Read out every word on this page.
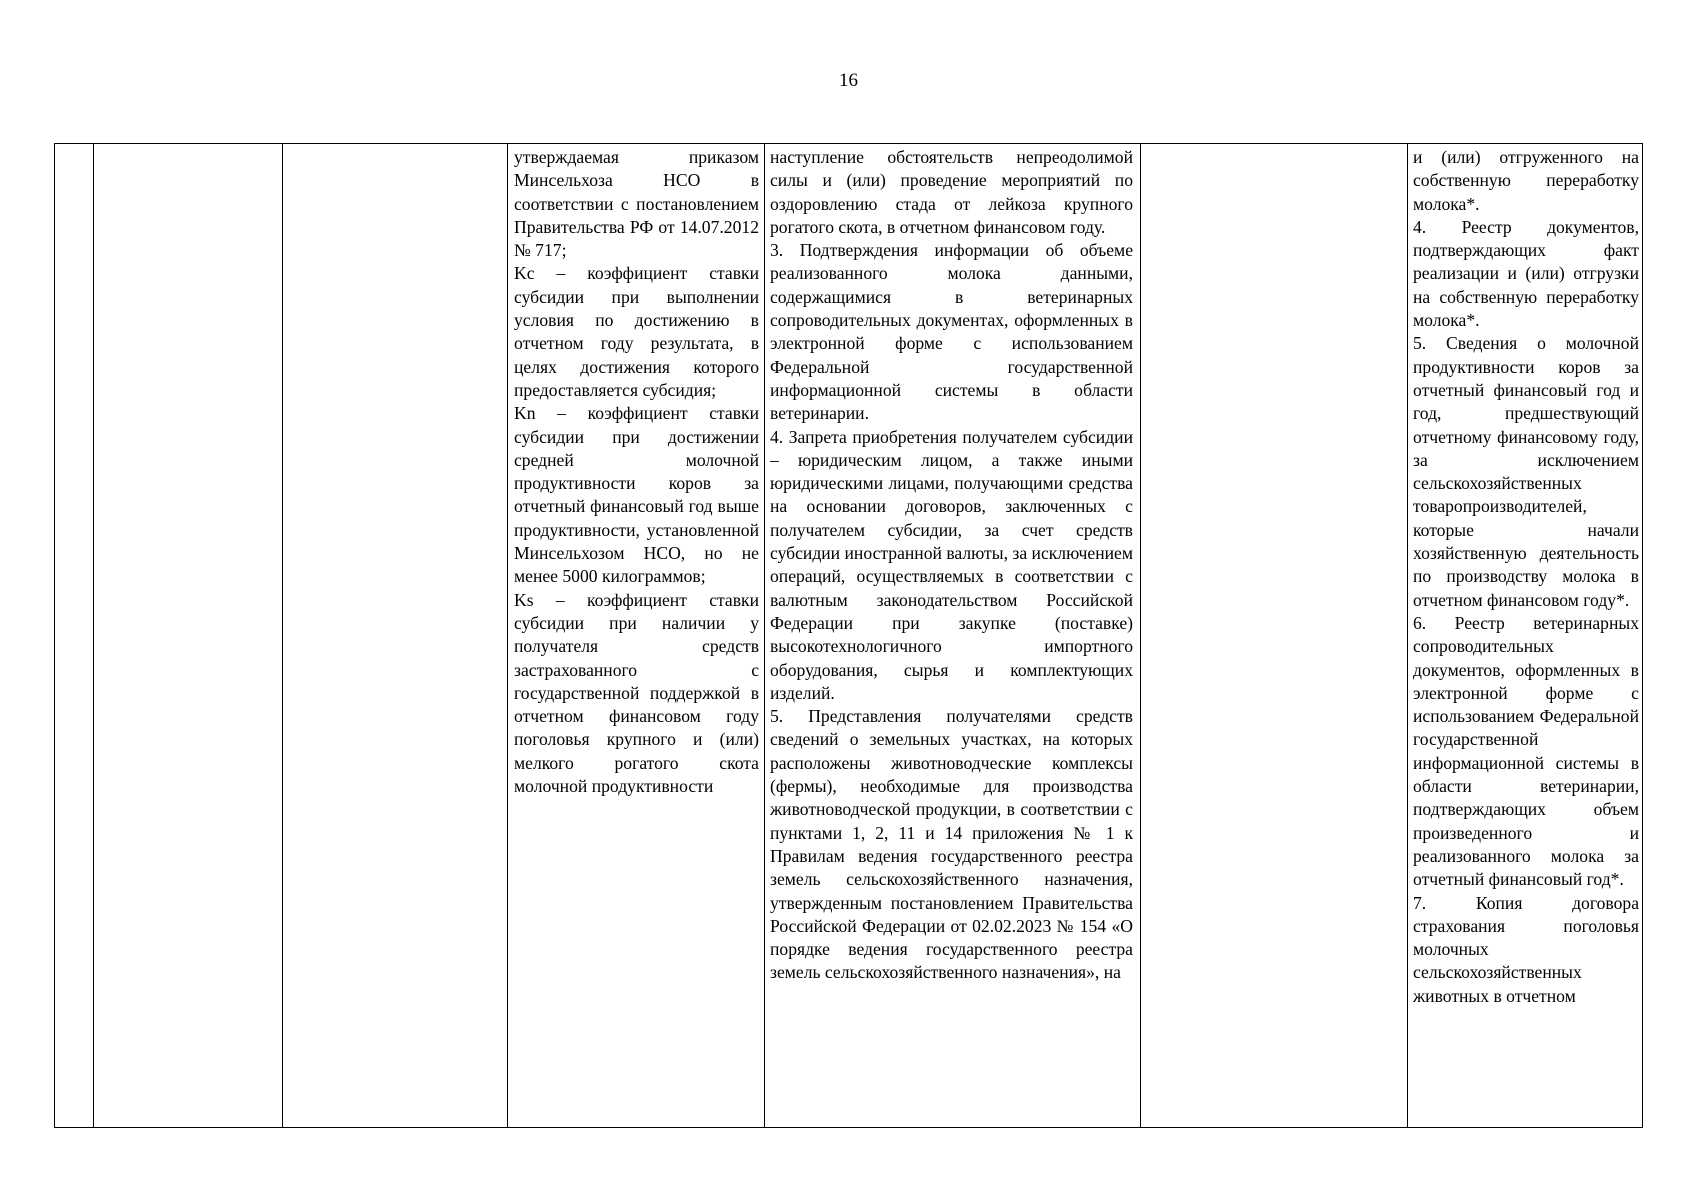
16

утверждаемая приказом Минсельхоза НСО в соответствии с постановлением Правительства РФ от 14.07.2012 № 717;

Kc – коэффициент ставки субсидии при выполнении условия по достижению в отчетном году результата, в целях достижения которого предоставляется субсидия;

Kn – коэффициент ставки субсидии при достижении средней молочной продуктивности коров за отчетный финансовый год выше продуктивности, установленной Минсельхозом НСО, но не менее 5000 килограммов;

Ks – коэффициент ставки субсидии при наличии у получателя средств застрахованного с государственной поддержкой в отчетном финансовом году поголовья крупного и (или) мелкого рогатого скота молочной продуктивности

наступление обстоятельств непреодолимой силы и (или) проведение мероприятий по оздоровлению стада от лейкоза крупного рогатого скота, в отчетном финансовом году.

3. Подтверждения информации об объеме реализованного молока данными, содержащимися в ветеринарных сопроводительных документах, оформленных в электронной форме с использованием Федеральной государственной информационной системы в области ветеринарии.

4. Запрета приобретения получателем субсидии – юридическим лицом, а также иными юридическими лицами, получающими средства на основании договоров, заключенных с получателем субсидии, за счет средств субсидии иностранной валюты, за исключением операций, осуществляемых в соответствии с валютным законодательством Российской Федерации при закупке (поставке) высокотехнологичного импортного оборудования, сырья и комплектующих изделий.

5. Представления получателями средств сведений о земельных участках, на которых расположены животноводческие комплексы (фермы), необходимые для производства животноводческой продукции, в соответствии с пунктами 1, 2, 11 и 14 приложения № 1 к Правилам ведения государственного реестра земель сельскохозяйственного назначения, утвержденным постановлением Правительства Российской Федерации от 02.02.2023 № 154 «О порядке ведения государственного реестра земель сельскохозяйственного назначения», на

и (или) отгруженного на собственную переработку молока*.

4. Реестр документов, подтверждающих факт реализации и (или) отгрузки на собственную переработку молока*.

5. Сведения о молочной продуктивности коров за отчетный финансовый год и год, предшествующий отчетному финансовому году, за исключением сельскохозяйственных товаропроизводителей, которые начали хозяйственную деятельность по производству молока в отчетном финансовом году*.

6. Реестр ветеринарных сопроводительных документов, оформленных в электронной форме с использованием Федеральной государственной информационной системы в области ветеринарии, подтверждающих объем произведенного и реализованного молока за отчетный финансовый год*.

7. Копия договора страхования поголовья молочных сельскохозяйственных животных в отчетном
